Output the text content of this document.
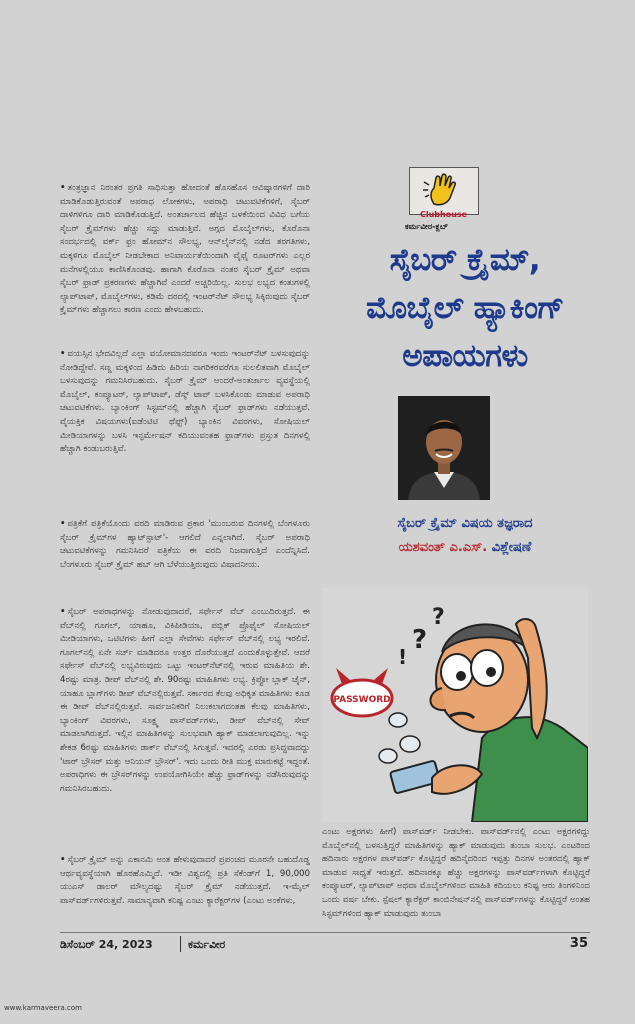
• ತಂತ್ರಜ್ಞಾನ ನಿರಂತರ ಪ್ರಗತಿ ಸಾಧಿಸುತ್ತಾ ಹೋದಂತೆ ಹೊಸಹೊಸ ಆವಿಷ್ಕಾರಗಳಿಗೆ ದಾರಿ ಮಾಡಿಕೊಡುತ್ತಿರುವಂತೆ ಅಪರಾಧ ಲೋಕಗಳು, ಅಪರಾಧಿ ಚಟುವಟಿಕೆಗಳಿಗೆ, ಸೈಬರ್ ದಾಳಿಗಳಿಗೂ ದಾರಿ ಮಾಡಿಕೊಡುತ್ತಿದೆ. ಅಂತರ್ಜಾಲದ ಹೆಚ್ಚಿನ ಬಳಕೆಯಿಂದ ವಿವಿಧ ಬಗೆಯ ಸೈಬರ್ ಕ್ರೈಮ್‌ಗಳು ಹೆಚ್ಚು ಸದ್ದು ಮಾಡುತ್ತಿವೆ. ಅಗ್ಗದ ಮೊಬೈಲ್‌ಗಳು, ಕೊರೊನಾ ಸಂದರ್ಭದಲ್ಲಿ ವರ್ಕ್ ಫ್ರಂ ಹೋಮ್‌ನ ಸೌಲಭ್ಯ, ಆನ್‌ಲೈನ್‌ನಲ್ಲಿ ನಡೆದ ತರಗತಿಗಳು, ಮಕ್ಕಳಿಗೂ ಮೊಬೈಲ್ ನೀಡಬೇಕಾದ ಅನಿವಾರ್ಯತೆಯಿಂದಾಗಿ ವೈಫೈ ರೂಟರ್‌ಗಳು ಎಲ್ಲರ ಮನೆಗಳಲ್ಲಿಯೂ ಕಾಣಿಸಿಕೊಂಡವು. ಹಾಗಾಗಿ ಕೊರೊನಾ ನಂತರ ಸೈಬರ್ ಕ್ರೈಮ್ ಅಥವಾ ಸೈಬರ್ ಫ್ರಾಡ್ ಪ್ರಕರಣಗಳು ಹೆಚ್ಚಾಗಿವೆ ಎಂದರೆ ಅಚ್ಚರಿಯಿಲ್ಲ. ಸುಲಭ ಲಭ್ಯದ ಕಂತುಗಳಲ್ಲಿ ಲ್ಯಾಪ್‌ಟಾಪ್, ಮೊಬೈಲ್‌ಗಳು, ಕಡಿಮೆ ದರದಲ್ಲಿ ಇಂಟರ್‌ನೆಟ್ ಸೌಲಭ್ಯ ಸಿಕ್ಕಿರುವುದು ಸೈಬರ್ ಕ್ರೈಮ್‌ಗಳು ಹೆಚ್ಚಾಗಲು ಕಾರಣ ಎಂದು ಹೇಳಬಹುದು.

• ವಯಸ್ಸಿನ ಭೇದವಿಲ್ಲದೆ ಎಲ್ಲಾ ವಯೋಮಾನದವರೂ ಇಂದು ಇಂಟರ್‌ನೆಟ್ ಬಳಸುವುದನ್ನು ನೋಡಿದ್ದೇವೆ. ಸಣ್ಣ ಮಕ್ಕಳಿಂದ ಹಿಡಿದು ಹಿರಿಯ ನಾಗರಿಕರವರೆಗೂ ಸುಲಲಿತವಾಗಿ ಮೊಬೈಲ್ ಬಳಸುವುದನ್ನು ಗಮನಿಸಿರಬಹುದು. ಸೈಬರ್ ಕ್ರೈಮ್ ಆಂದರೆ-ಅಂತರ್ಜಾಲ ವ್ಯವಸ್ಥೆಯಲ್ಲಿ ಮೊಬೈಲ್, ಕಂಪ್ಯೂಟರ್, ಲ್ಯಾಪ್‌ಟಾಪ್, ಡೆಸ್ಕ್ ಟಾಪ್ ಬಳಸಿಕೊಂಡು ಮಾಡುವ ಅಪರಾಧಿ ಚಟುವಟಿಕೆಗಳು. ಬ್ಯಾಂಕಿಂಗ್ ಸಿಸ್ಟಮ್‌ನಲ್ಲಿ ಹೆಚ್ಚಾಗಿ ಸೈಬರ್ ಫ್ರಾಡ್‌ಗಳು ನಡೆಯುತ್ತವೆ. ವೈಯಕ್ತಿಕ ವಿಷಯಗಳು(ಐಡೆಂಟಿಟಿ ಥೆಫ್ಟ್) ಬ್ಯಾಂಕಿನ ವಿವರಗಳು, ಸೋಷಿಯಲ್ ಮೀಡಿಯಾಗಳನ್ನು ಬಳಸಿ ಇನ್ಫರ್ಮೇಷನ್ ಕದಿಯುವಂತಹ ಫ್ರಾಡ್‌ಗಳು ಪ್ರಸ್ತುತ ದಿನಗಳಲ್ಲಿ ಹೆಚ್ಚಾಗಿ ಕಂಡುಬರುತ್ತಿವೆ.

• ಪತ್ರಿಕೆಗೆ ಪತ್ರಿಕೆಯೊಂದು ವರದಿ ಮಾಡಿರುವ ಪ್ರಕಾರ 'ಮುಂಬರುವ ದಿನಗಳಲ್ಲಿ ಬೆಂಗಳೂರು ಸೈಬರ್ ಕ್ರೈಮ್‌ಗಳ ಹ್ಯಾಟ್‌ಸ್ಪಾಟ್'- ಆಗಲಿದೆ ಎನ್ನಲಾಗಿದೆ. ಸೈಬರ್ ಅಪರಾಧಿ ಚಟುವಟಿಕೆಗಳನ್ನು ಗಮನಿಸಿದರೆ ಪತ್ರಿಕೆಯ ಈ ವರದಿ ನಿಜವಾಗುತ್ತಿದೆ ಎಂದೆನ್ನಿಸಿದೆ. ಬೆಂಗಳೂರು ಸೈಬರ್ ಕ್ರೈಮ್ ಹಬ್ ಆಗಿ ಬೆಳೆಯುತ್ತಿರುವುದು ವಿಷಾದನೀಯ.

• ಸೈಬರ್ ಅಪರಾಧಗಳನ್ನು ನೋಡುವುದಾದರೆ, ಸರ್ಫೇಸ್ ವೆಬ್ ಎಂಬುದಿರುತ್ತದೆ. ಈ ವೆಬ್‌ನಲ್ಲಿ ಗೂಗಲ್, ಯಾಹೂ, ವಿಕಿಪೀಡಿಯಾ, ಪಬ್ಲಿಕ್ ಪ್ರೊಫೈಲ್ ಸೋಷಿಯಲ್ ಮೀಡಿಯಾಗಳು, ಒಟಿಟಿಗಳು ಹೀಗೆ ಎಲ್ಲಾ ಸೇವೆಗಳು ಸರ್ಫೇಸ್ ವೆಬ್‌ನಲ್ಲಿ ಲಭ್ಯ ಇರಲಿವೆ. ಗೂಗಲ್‌ನಲ್ಲಿ ಏನೇ ಸರ್ಚ್ ಮಾಡಿದರೂ ಉತ್ತರ ದೊರೆಯುತ್ತದೆ ಎಂದುಕೊಳ್ಳುತ್ತೇವೆ. ಆದರೆ ಸರ್ಫೇಸ್ ವೆಬ್‌ನಲ್ಲಿ ಲಭ್ಯವಿರುವುದು ಒಟ್ಟು ಇಂಟರ್‌ನೆಟ್‌ನಲ್ಲಿ ಇರುವ ಮಾಹಿತಿಯ ಶೇ. 4ರಷ್ಟು ಮಾತ್ರ. ಡೀಪ್ ವೆಬ್‌ನಲ್ಲಿ ಶೇ. 90ರಷ್ಟು ಮಾಹಿತಿಗಳು ಲಭ್ಯ. ಕ್ರಿಪ್ಟೋ ಬ್ಲಾಕ್ ಚೈನ್, ಯಾಹೂ ಬ್ಲಾಗ್‌ಗಳು ಡೀಪ್ ವೆಬ್‌ನಲ್ಲಿರುತ್ತವೆ. ಸರ್ಕಾರದ ಕೆಲವು ಅಧಿಕೃತ ಮಾಹಿತಿಗಳು ಕೂಡ ಈ ಡೀಪ್ ವೆಬ್‌ನಲ್ಲಿರುತ್ತವೆ. ಸಾರ್ವಜನಿಕರಿಗೆ ನಿಲುಕಲಾಗದಂತಹ ಕೆಲವು ಮಾಹಿತಿಗಳು, ಬ್ಯಾಂಕಿಂಗ್ ವಿವರಗಳು, ಸೂಕ್ಷ್ಮ ಪಾಸ್‌ವರ್ಡ್‌ಗಳು, ಡೀಪ್ ವೆಬ್‌ನಲ್ಲಿ ಸೇವ್ ಮಾಡಲಾಗಿರುತ್ತದೆ. ಇಲ್ಲಿನ ಮಾಹಿತಿಗಳನ್ನು ಸುಲಭವಾಗಿ ಹ್ಯಾಕ್ ಮಾಡಲಾಗುವುದಿಲ್ಲ. ಇನ್ನು ಶೇಕಡ 6ರಷ್ಟು ಮಾಹಿತಿಗಳು ಡಾರ್ಕ್ ವೆಬ್‌ನಲ್ಲಿ ಸಿಗುತ್ತವೆ. ಇದರಲ್ಲಿ ಎರಡು ಪ್ರಸಿದ್ಧವಾದದ್ದು 'ಟಾರ್ ಬ್ರೌಸರ್ ಮತ್ತು ಆನಿಯನ್ ಬ್ರೌಸರ್'. ಇದು ಒಂದು ರೀತಿ ಮುಕ್ತ ಮಾರುಕಟ್ಟೆ ಇದ್ದಂತೆ. ಅಪರಾಧಿಗಳು ಈ ಬ್ರೌಸರ್‌ಗಳನ್ನು ಉಪಯೋಗಿಸಿಯೇ ಹೆಚ್ಚು ಫ್ರಾಡ್‌ಗಳನ್ನು ನಡೆಸಿರುವುದನ್ನು ಗಮನಿಸಿರಬಹುದು.

• ಸೈಬರ್ ಕ್ರೈಮ್ ಅನ್ನು ಎಕಾನಮಿ ಅಂತ ಹೇಳುವುದಾದರೆ ಪ್ರಪಂಚದ ಮೂರನೇ ಬಹುದೊಡ್ಡ ಆರ್ಥವ್ಯವಸ್ಥೆಯಾಗಿ ಹೊರಹೊಮ್ಮಿದೆ. ಇಡೀ ವಿಶ್ವದಲ್ಲಿ ಪ್ರತಿ ಸೆಕೆಂಡ್‌ಗೆ 1, 90,000 ಯುಎಸ್ ಡಾಲರ್ ಮೌಲ್ಯದಷ್ಟು ಸೈಬರ್ ಕ್ರೈಮ್ ನಡೆಯುತ್ತದೆ. ಇ-ಮೈಲ್ ಪಾಸ್‌ವರ್ಡ್‌ಗಳಿರುತ್ತವೆ. ಸಾಮಾನ್ಯವಾಗಿ ಕನಿಷ್ಟ ಎಂಟು ಕ್ಯಾರೆಕ್ಟರ್‌ಗಳ (ಎಂಟು ಅಂಕೆಗಳು,

Clubhouse
ಕರ್ಮವೀರ-ಕ್ಲಬ್
ಸೈಬರ್ ಕ್ರೈಮ್,
ಮೊಬೈಲ್ ಹ್ಯಾಕಿಂಗ್
ಅಪಾಯಗಳು
ಸೈಬರ್ ಕ್ರೈಮ್ ವಿಷಯ ತಜ್ಞರಾದ
ಯಶವಂತ್ ಎ.ಎಸ್. ವಿಶ್ಲೇಷಣೆ
?
?
!
PASSWORD

ಎಂಟು ಅಕ್ಷರಗಳು ಹೀಗೆ) ಪಾಸ್‌ವರ್ಡ್ ನೀಡಬೇಕು. ಪಾಸ್‌ವರ್ಡ್‌ನಲ್ಲಿ ಎಂಟು ಅಕ್ಷರಗಳಿದ್ದು ಮೊಬೈಲ್‌ನಲ್ಲಿ ಬಳಸುತ್ತಿದ್ದರೆ ಮಾಹಿತಿಗಳನ್ನು ಹ್ಯಾಕ್ ಮಾಡುವುದು ತುಂಬಾ ಸುಲಭ. ಎಂಟರಿಂದ ಹದಿನಾರು ಅಕ್ಷರಗಳ ಪಾಸ್‌ವರ್ಡ್ ಕೊಟ್ಟಿದ್ದರೆ ಹದಿನೈದರಿಂದ ಇಪ್ಪತ್ತು ದಿನಗಳ ಅಂತರದಲ್ಲಿ ಹ್ಯಾಕ್ ಮಾಡುವ ಸಾಧ್ಯತೆ ಇರುತ್ತದೆ. ಹದಿನಾರಕ್ಕೂ ಹೆಚ್ಚು ಅಕ್ಷರಗಳನ್ನು ಪಾಸ್‌ವರ್ಡ್‌ಗಳಾಗಿ ಕೊಟ್ಟಿದ್ದರೆ ಕಂಪ್ಯೂಟರ್, ಲ್ಯಾಪ್‌ಟಾಪ್ ಅಥವಾ ಮೊಬೈಲ್‌ಗಳಿಂದ ಮಾಹಿತಿ ಕದಿಯಲು ಕನಿಷ್ಟ ಆರು ತಿಂಗಳಿನಿಂದ ಒಂದು ವರ್ಷ ಬೇಕು. ಸ್ಪೆಷಲ್ ಕ್ಯಾರೆಕ್ಟರ್ ಕಾಂಬಿನೇಷನ್‌ನಲ್ಲಿ ಪಾಸ್‌ವರ್ಡ್‌ಗಳನ್ನು ಕೊಟ್ಟಿದ್ದರೆ ಅಂತಹ ಸಿಸ್ಟಮ್‌ಗಳಿಂದ ಹ್ಯಾಕ್ ಮಾಡುವುದು ತುಂಬಾ

ಡಿಸೆಂಬರ್ 24, 2023	ಕರ್ಮವೀರ	35
www.karmaveera.com
